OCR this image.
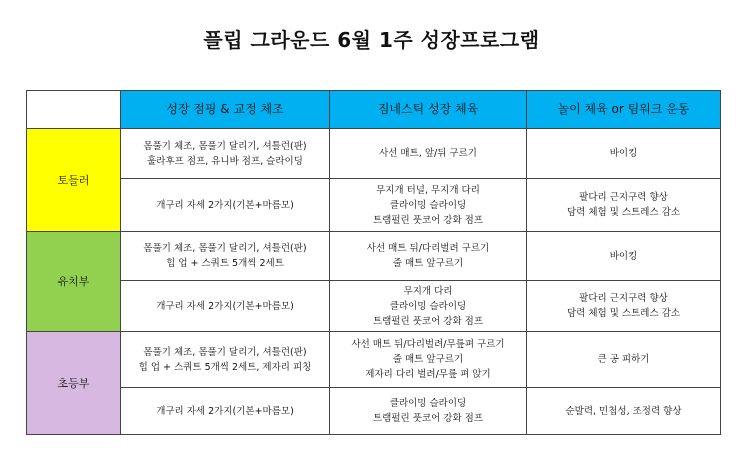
플립 그라운드 6월 1주 성장프로그램
	성장 점핑 & 교정 체조	짐네스틱 성장 체육	놀이 체육 or 팀워크 운동
토들러	몸풀기 체조, 몸풀기 달리기, 셔틀런(판)
훌라후프 점프, 유니바 점프, 슬라이딩	사선 매트, 앞/뒤 구르기	바이킹

	개구리 자세 2가지(기본+마름모)	무지개 터널, 무지개 다리
클라이밍 슬라이딩
트램펄린 풋코어 강화 점프	팔다리 근지구력 향상
담력 체험 및 스트레스 감소

유치부	몸풀기 체조, 몸풀기 달리기, 셔틀런(판)
힙 업 + 스쿼트 5개씩 2세트	사선 매트 뒤/다리벌려 구르기
줄 매트 앞구르기	바이킹

	개구리 자세 2가지(기본+마름모)	무지개 다리
클라이밍 슬라이딩
트램펄린 풋코어 강화 점프	팔다리 근지구력 향상
담력 체험 및 스트레스 감소

초등부	몸풀기 체조, 몸풀기 달리기, 셔틀런(판)
힙 업 + 스쿼트 5개씩 2세트, 제자리 피칭	사선 매트 뒤/다리벌려/무릎펴 구르기
줄 매트 앞구르기
제자리 다리 벌려/무릎 펴 앉기	큰 공 피하기

	개구리 자세 2가지(기본+마름모)	클라이밍 슬라이딩
트램펄린 풋코어 강화 점프	순발력, 민첩성, 조정력 향상
